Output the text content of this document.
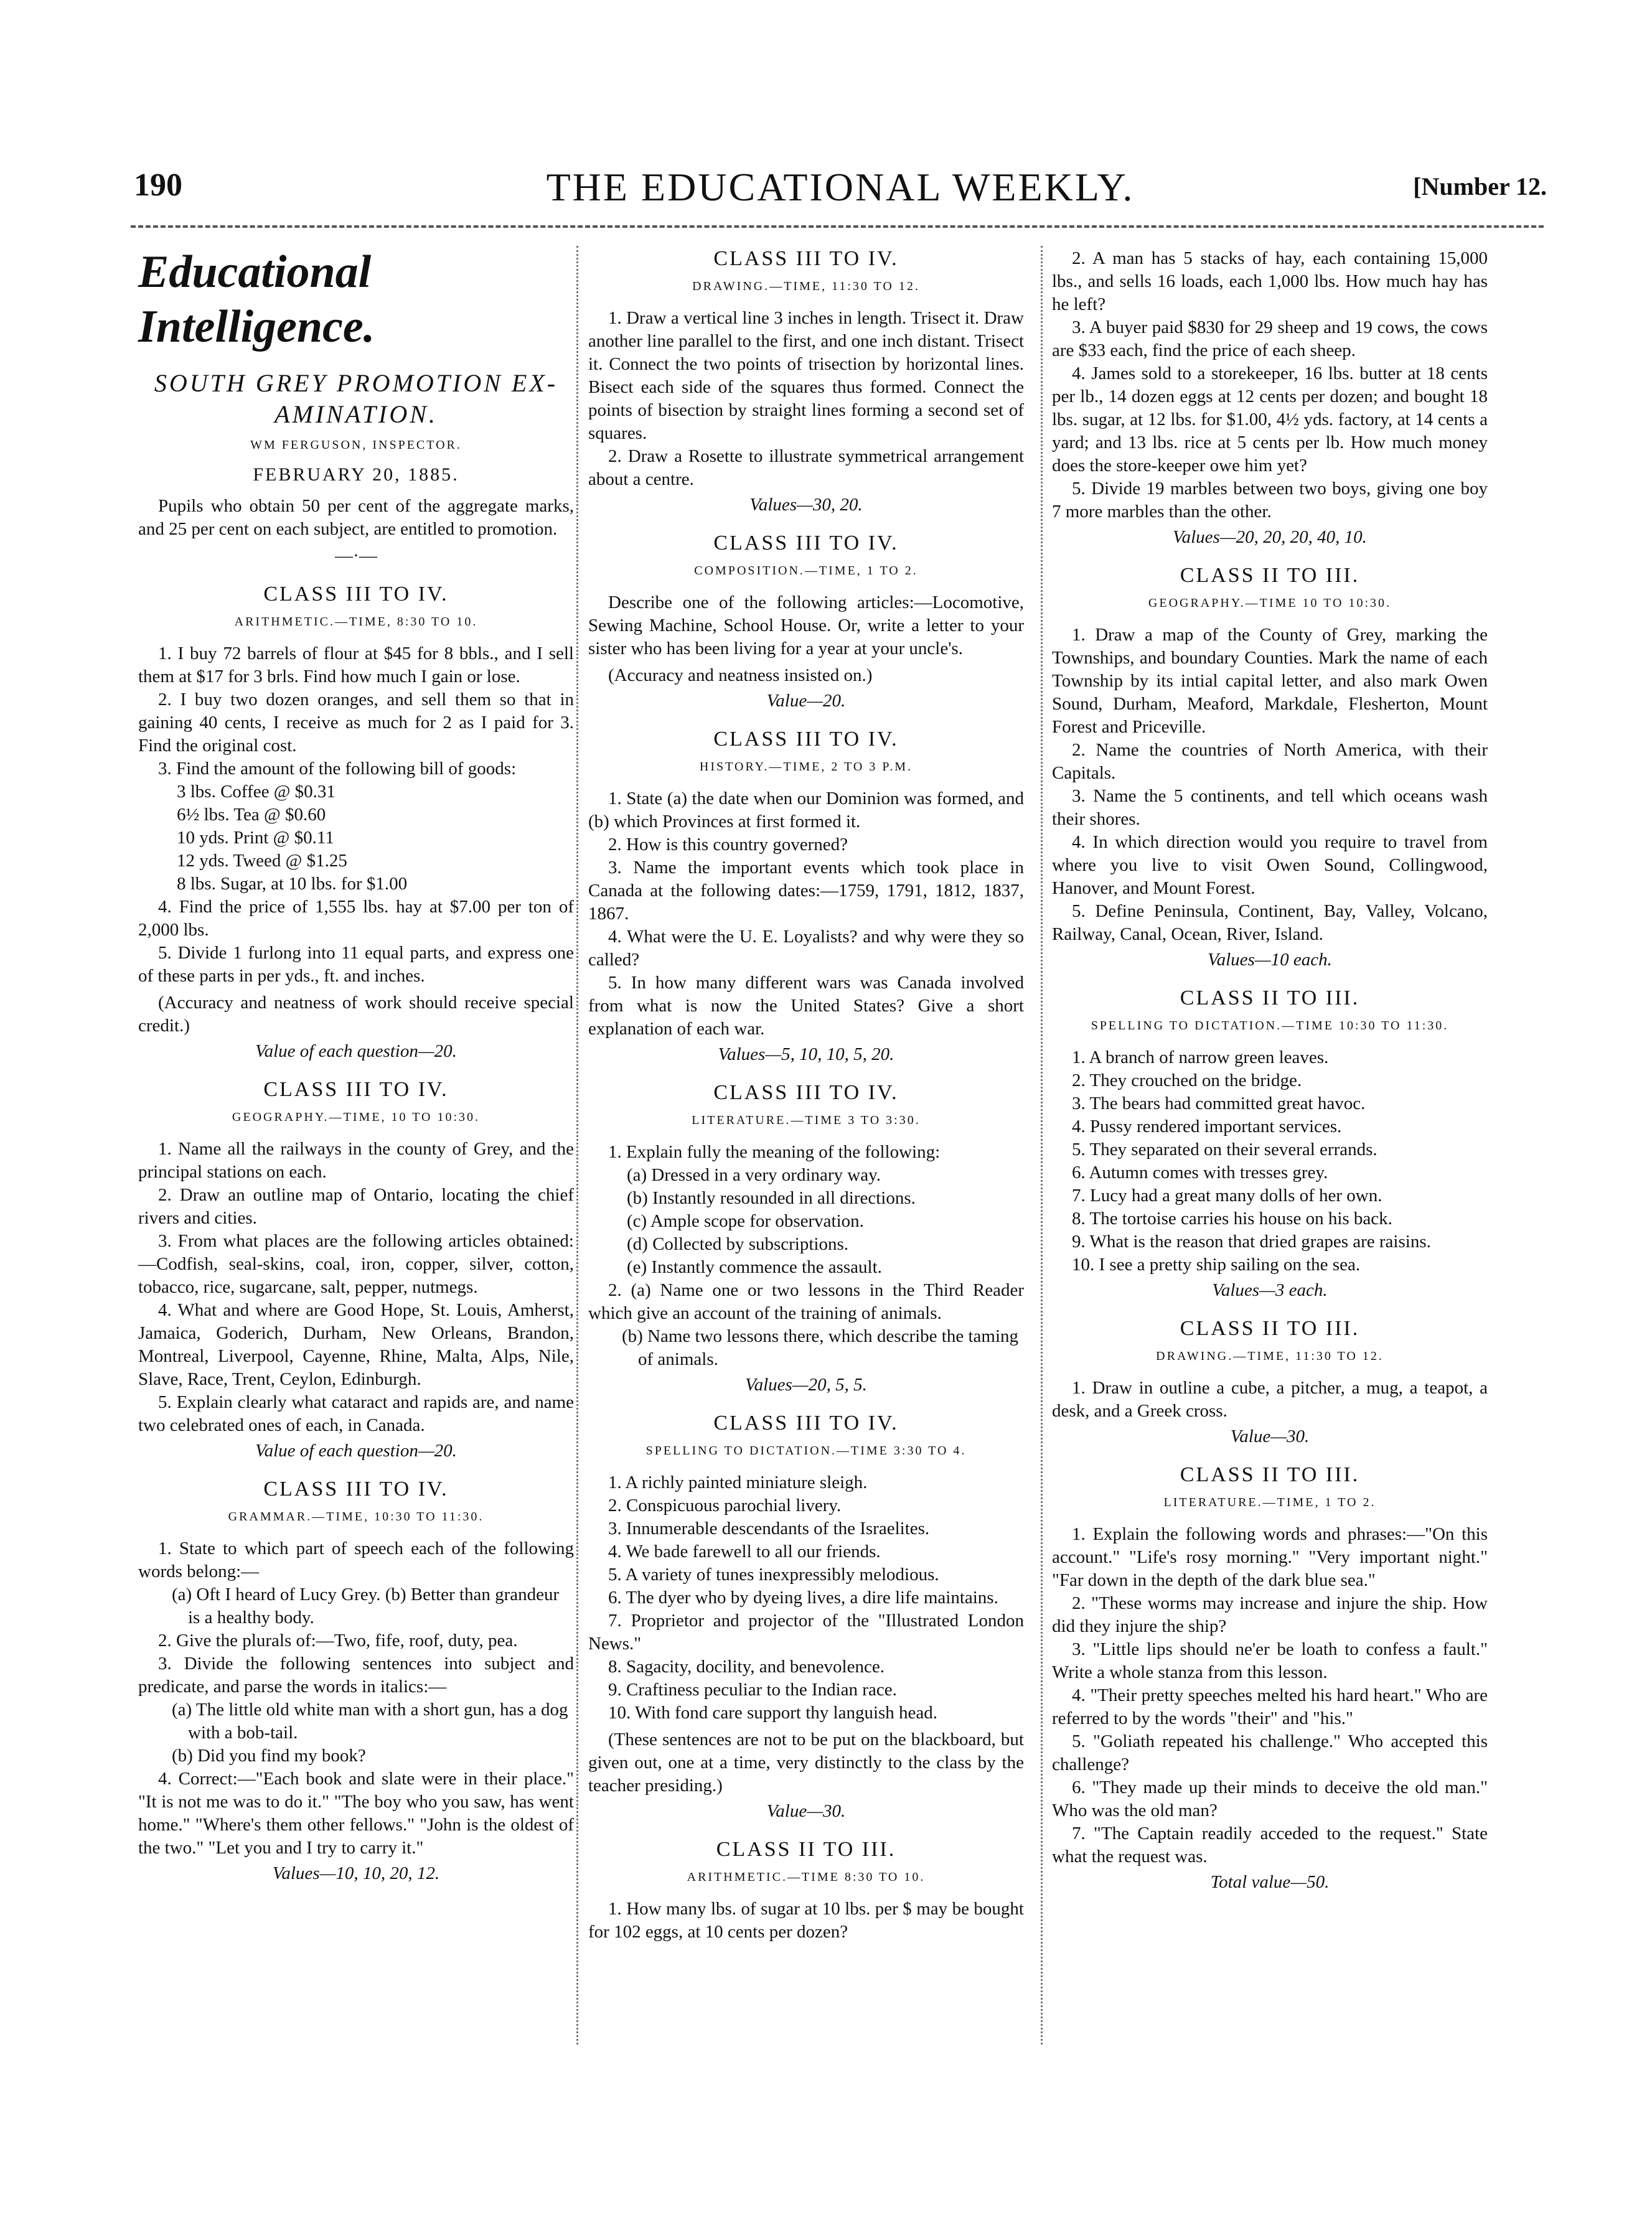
190	THE EDUCATIONAL WEEKLY.	[Number 12.
Educational Intelligence.
SOUTH GREY PROMOTION EX-AMINATION.
WM FERGUSON, INSPECTOR.
FEBRUARY 20, 1885.

Pupils who obtain 50 per cent of the aggregate marks, and 25 per cent on each subject, are entitled to promotion.

—·—
CLASS III TO IV.
ARITHMETIC.—TIME, 8:30 TO 10.

1. I buy 72 barrels of flour at $45 for 8 bbls., and I sell them at $17 for 3 brls. Find how much I gain or lose.

2. I buy two dozen oranges, and sell them so that in gaining 40 cents, I receive as much for 2 as I paid for 3. Find the original cost.

3. Find the amount of the following bill of goods:

3 lbs. Coffee @ $0.31

6½ lbs. Tea @ $0.60

10 yds. Print @ $0.11

12 yds. Tweed @ $1.25

8 lbs. Sugar, at 10 lbs. for $1.00

4. Find the price of 1,555 lbs. hay at $7.00 per ton of 2,000 lbs.

5. Divide 1 furlong into 11 equal parts, and express one of these parts in per yds., ft. and inches.

(Accuracy and neatness of work should receive special credit.)

Value of each question—20.
CLASS III TO IV.
GEOGRAPHY.—TIME, 10 TO 10:30.

1. Name all the railways in the county of Grey, and the principal stations on each.

2. Draw an outline map of Ontario, locating the chief rivers and cities.

3. From what places are the following articles obtained:—Codfish, seal-skins, coal, iron, copper, silver, cotton, tobacco, rice, sugarcane, salt, pepper, nutmegs.

4. What and where are Good Hope, St. Louis, Amherst, Jamaica, Goderich, Durham, New Orleans, Brandon, Montreal, Liverpool, Cayenne, Rhine, Malta, Alps, Nile, Slave, Race, Trent, Ceylon, Edinburgh.

5. Explain clearly what cataract and rapids are, and name two celebrated ones of each, in Canada.

Value of each question—20.
CLASS III TO IV.
GRAMMAR.—TIME, 10:30 TO 11:30.

1. State to which part of speech each of the following words belong:—

(a) Oft I heard of Lucy Grey. (b) Better than grandeur is a healthy body.

2. Give the plurals of:—Two, fife, roof, duty, pea.

3. Divide the following sentences into subject and predicate, and parse the words in italics:—

(a) The little old white man with a short gun, has a dog with a bob-tail.

(b) Did you find my book?

4. Correct:—"Each book and slate were in their place." "It is not me was to do it." "The boy who you saw, has went home." "Where's them other fellows." "John is the oldest of the two." "Let you and I try to carry it."

Values—10, 10, 20, 12.
CLASS III TO IV.
DRAWING.—TIME, 11:30 TO 12.

1. Draw a vertical line 3 inches in length. Trisect it. Draw another line parallel to the first, and one inch distant. Trisect it. Connect the two points of trisection by horizontal lines. Bisect each side of the squares thus formed. Connect the points of bisection by straight lines forming a second set of squares.

2. Draw a Rosette to illustrate symmetrical arrangement about a centre.

Values—30, 20.
CLASS III TO IV.
COMPOSITION.—TIME, 1 TO 2.

Describe one of the following articles:—Locomotive, Sewing Machine, School House. Or, write a letter to your sister who has been living for a year at your uncle's.

(Accuracy and neatness insisted on.)

Value—20.
CLASS III TO IV.
HISTORY.—TIME, 2 TO 3 P.M.

1. State (a) the date when our Dominion was formed, and (b) which Provinces at first formed it.

2. How is this country governed?

3. Name the important events which took place in Canada at the following dates:—1759, 1791, 1812, 1837, 1867.

4. What were the U. E. Loyalists? and why were they so called?

5. In how many different wars was Canada involved from what is now the United States? Give a short explanation of each war.

Values—5, 10, 10, 5, 20.
CLASS III TO IV.
LITERATURE.—TIME 3 TO 3:30.

1. Explain fully the meaning of the following:

(a) Dressed in a very ordinary way.

(b) Instantly resounded in all directions.

(c) Ample scope for observation.

(d) Collected by subscriptions.

(e) Instantly commence the assault.

2. (a) Name one or two lessons in the Third Reader which give an account of the training of animals.

(b) Name two lessons there, which describe the taming of animals.

Values—20, 5, 5.
CLASS III TO IV.
SPELLING TO DICTATION.—TIME 3:30 TO 4.

1. A richly painted miniature sleigh.

2. Conspicuous parochial livery.

3. Innumerable descendants of the Israelites.

4. We bade farewell to all our friends.

5. A variety of tunes inexpressibly melodious.

6. The dyer who by dyeing lives, a dire life maintains.

7. Proprietor and projector of the "Illustrated London News."

8. Sagacity, docility, and benevolence.

9. Craftiness peculiar to the Indian race.

10. With fond care support thy languish head.

(These sentences are not to be put on the blackboard, but given out, one at a time, very distinctly to the class by the teacher presiding.)

Value—30.
CLASS II TO III.
ARITHMETIC.—TIME 8:30 TO 10.

1. How many lbs. of sugar at 10 lbs. per $ may be bought for 102 eggs, at 10 cents per dozen?

2. A man has 5 stacks of hay, each containing 15,000 lbs., and sells 16 loads, each 1,000 lbs. How much hay has he left?

3. A buyer paid $830 for 29 sheep and 19 cows, the cows are $33 each, find the price of each sheep.

4. James sold to a storekeeper, 16 lbs. butter at 18 cents per lb., 14 dozen eggs at 12 cents per dozen; and bought 18 lbs. sugar, at 12 lbs. for $1.00, 4½ yds. factory, at 14 cents a yard; and 13 lbs. rice at 5 cents per lb. How much money does the store-keeper owe him yet?

5. Divide 19 marbles between two boys, giving one boy 7 more marbles than the other.

Values—20, 20, 20, 40, 10.
CLASS II TO III.
GEOGRAPHY.—TIME 10 TO 10:30.

1. Draw a map of the County of Grey, marking the Townships, and boundary Counties. Mark the name of each Township by its intial capital letter, and also mark Owen Sound, Durham, Meaford, Markdale, Flesherton, Mount Forest and Priceville.

2. Name the countries of North America, with their Capitals.

3. Name the 5 continents, and tell which oceans wash their shores.

4. In which direction would you require to travel from where you live to visit Owen Sound, Collingwood, Hanover, and Mount Forest.

5. Define Peninsula, Continent, Bay, Valley, Volcano, Railway, Canal, Ocean, River, Island.

Values—10 each.
CLASS II TO III.
SPELLING TO DICTATION.—TIME 10:30 TO 11:30.

1. A branch of narrow green leaves.

2. They crouched on the bridge.

3. The bears had committed great havoc.

4. Pussy rendered important services.

5. They separated on their several errands.

6. Autumn comes with tresses grey.

7. Lucy had a great many dolls of her own.

8. The tortoise carries his house on his back.

9. What is the reason that dried grapes are raisins.

10. I see a pretty ship sailing on the sea.

Values—3 each.
CLASS II TO III.
DRAWING.—TIME, 11:30 TO 12.

1. Draw in outline a cube, a pitcher, a mug, a teapot, a desk, and a Greek cross.

Value—30.
CLASS II TO III.
LITERATURE.—TIME, 1 TO 2.

1. Explain the following words and phrases:—"On this account." "Life's rosy morning." "Very important night." "Far down in the depth of the dark blue sea."

2. "These worms may increase and injure the ship. How did they injure the ship?

3. "Little lips should ne'er be loath to confess a fault." Write a whole stanza from this lesson.

4. "Their pretty speeches melted his hard heart." Who are referred to by the words "their" and "his."

5. "Goliath repeated his challenge." Who accepted this challenge?

6. "They made up their minds to deceive the old man." Who was the old man?

7. "The Captain readily acceded to the request." State what the request was.

Total value—50.
